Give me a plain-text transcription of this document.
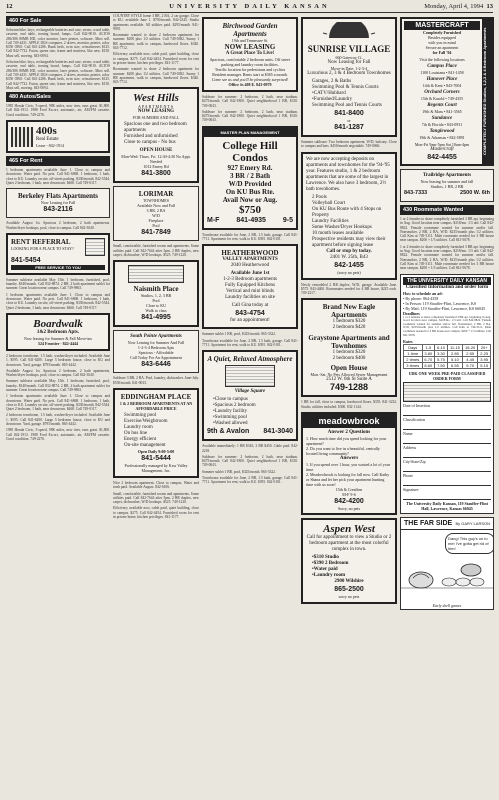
12	UNIVERSITY DAILY KANSAN	Monday, April 4, 1994 13
460 For Sale

Schwinn bike, boys, rechargeable batteries and case, stereo, wood table, cassette, end table, ironing board, lamps. Call 842-9010. ALTOS 286/386 80MB HD, color monitor, laser printer, software. Must sell. Call 749-4431. APPLE IIGS computer, 2 drives, monitor, printer, color. $350 OBO. Call 841-2286. Bunk beds, twin size, w/mattresses $125. Call 842-7732. Futon, queen size, frame and mattress, like new. $150. Must sell, moving. 843-0094.

Schwinn bike, boys, rechargeable batteries and case, stereo, wood table, cassette, end table, ironing board, lamps. Call 842-9010. ALTOS 286/386 80MB HD, color monitor, laser printer, software. Must sell. Call 749-4431. APPLE IIGS computer, 2 drives, monitor, printer, color. $350 OBO. Call 841-2286. Bunk beds, twin size, w/mattresses $125. Call 842-7732. Futon, queen size, frame and mattress, like new. $150. Must sell, moving. 843-0094.

480 Autos/Sales

1985 Honda Civic, 5-speed, 98K miles, new tires, runs great. $1,800. Call 842-1913. 1988 Ford Escort, automatic, air, AM/FM cassette. Good condition. 749-2276.

400s
Real Estate
Lease - 842-1914
465 For Rent

1 bedroom apartments available June 1. Close to campus and downtown. Water paid. No pets. Call 841-6868. 1 bedroom, 1 bath, close to KU. Laundry on site, off-street parking. $330/month. 842-5544. Quiet 2 bedroom, 1 bath, near downtown. $460. Call 749-0117.

Berkeley Flats Apartments
Now Leasing for Fall
843-2116

Available August 1st. Spacious 2 bedroom, 2 bath apartments. Washer/dryer hookups, pool, close to campus. Call 842-3040.

RENT REFERRAL
LOOKING FOR A PLACE TO STAY?
841-5454
FREE SERVICE TO YOU

Summer sublease available May 15th. 1 bedroom, furnished, pool, laundry. $340/month. Call 832-8874. 2 BR, 2 bath apartment sublet for summer. Great location near campus. Call 749-9863.

1 bedroom apartments available June 1. Close to campus and downtown. Water paid. No pets. Call 841-6868. 1 bedroom, 1 bath, close to KU. Laundry on site, off-street parking. $330/month. 842-5544. Quiet 2 bedroom, 1 bath, near downtown. $460. Call 749-0117.

Boardwalk
1&2 Bedroom Apts.
Now leasing for Summer & Fall Move-ins
524 Frontier · 842-4444

2 bedroom townhome, 1.5 bath, washer/dryer included. Available June 1. $595. Call 841-6200. Large 3 bedroom house, close to KU and downtown. Yard, garage. $795/month. 865-4442.

Available August 1st. Spacious 2 bedroom, 2 bath apartments. Washer/dryer hookups, pool, close to campus. Call 842-3040.

Summer sublease available May 15th. 1 bedroom, furnished, pool, laundry. $340/month. Call 832-8874. 2 BR, 2 bath apartment sublet for summer. Great location near campus. Call 749-9863.

1 bedroom apartments available June 1. Close to campus and downtown. Water paid. No pets. Call 841-6868. 1 bedroom, 1 bath, close to KU. Laundry on site, off-street parking. $330/month. 842-5544. Quiet 2 bedroom, 1 bath, near downtown. $460. Call 749-0117.

2 bedroom townhome, 1.5 bath, washer/dryer included. Available June 1. $595. Call 841-6200. Large 3 bedroom house, close to KU and downtown. Yard, garage. $795/month. 865-4442.

1985 Honda Civic, 5-speed, 98K miles, new tires, runs great. $1,800. Call 842-1913. 1988 Ford Escort, automatic, air, AM/FM cassette. Good condition. 749-2276.

COUNTRY STYLE home 3 BR, 2 BA, 2 car garage. Close to KU, available June 1. $750/month. 842-2345. Studio apartments available. All utilities paid. $295/month. 841-9955.

Roommate wanted to share 2 bedroom apartment for summer. $200 plus 1/2 utilities. Call 749-0382. Sunny 1 BR apartment, walk to campus, hardwood floors. $340. 843-7712.

Efficiency available now, cable paid, quiet building, close to campus. $275. Call 842-4454. Furnished room for rent in private home, kitchen privileges. 841-1177.

Roommate wanted to share 2 bedroom apartment for summer. $200 plus 1/2 utilities. Call 749-0382. Sunny 1 BR apartment, walk to campus, hardwood floors. $340. 843-7712.

West Hills
APARTMENTS
NOW LEASING
FOR SUMMER AND FALL
Spacious one and two bedroom apartments
Furnished and unfurnished
Close to campus - No bus
OPEN HOUSE
Mon-Wed: Thurs. Fri. 12:30-4:30 No Appt. Needed
1012 Emery Rd
841-3800
LORIMAR
TOWNHOMES
Available Now and Fall
3 BR, 2 BA
W/D
Fireplace
Pool
841-7849

Small, comfortable, furnished rooms and apartments. Some utilities paid. Call 842-7644 after 5pm. 2 BR duplex, new carpet, dishwasher, W/D hookups. $525. 749-1220.

Naismith Place
Studios, 1, 2, 3 BR
Pool
Close to KU
Walk to class
841-4995
South Pointe Apartments
Now Leasing for Summer And Fall
1-2-3-4 Bedroom Apts
Spacious - Affordable
Call Today For An Appointment
843-6446

Sublease 3 BR, 2 BA. Pool, laundry, dishwasher. June-July. $550/month. 841-0033.

EDDINGHAM PLACE
1 & 2 BEDROOM APARTMENTS AT AN AFFORDABLE PRICE
Swimming pool
Exercise/Weightroom
Laundry room
On bus line
Energy efficient
On-site management
Open Daily 9:00-5:00
841-5444
Professionally managed by Kaw Valley Management, Inc.

Nice 2 bedroom apartment. Close to campus. Water and trash paid. Available August. 842-6106.

Small, comfortable, furnished rooms and apartments. Some utilities paid. Call 842-7644 after 5pm. 2 BR duplex, new carpet, dishwasher, W/D hookups. $525. 749-1220.

Efficiency available now, cable paid, quiet building, close to campus. $275. Call 842-4454. Furnished room for rent in private home, kitchen privileges. 841-1177.

Birchwood Garden Apartments
19th and Tennessee St.
NOW LEASING
A Great Place To Live!
Spacious, comfortable 2 bedroom units. Off street parking and laundry room facilities.
Terrific location for pedestrians and cyclists
Resident manager. Rents start at $365 a month.
Come see us and you'll be pleasantly surprised!
Office #s 408 E. 843-0979

Sublease for summer: 2 bedroom, 2 bath, near stadium. $475/month. Call 842-1800. Quiet neighborhood 1 BR, $310. 749-0043.

Sublease for summer: 2 bedroom, 2 bath, near stadium. $475/month. Call 842-1800. Quiet neighborhood 1 BR, $310. 749-0043.

MASTER PLAN MANAGEMENT
College Hill Condos
927 Emery Rd.
3 BR / 2 Bath
W/D Provided
On KU Bus Rte.
Avail Now or Aug.
$750
M-F 841-4935 9-5

Townhouse available for June, 2 BR, 1.5 bath, garage. Call 841-7711. Apartment for rent, walk to KU. $395. 842-0101.

HEATHERWOOD
VALLEY APARTMENTS
2040 Heatherwood
Available June 1st
1-2-3 Bedroom apartments
Fully Equipped Kitchens
Vertical and mini blinds
Laundry facilities on site
Call Gina today at
843-4754
for an appointment!

Summer sublet 1 BR, pool, $325/month. 865-3322.

Townhouse available for June, 2 BR, 1.5 bath, garage. Call 841-7711. Apartment for rent, walk to KU. $395. 842-0101.

A Quiet, Relaxed Atmosphere
Village Square
•Close to campus
•Spacious 2 bedroom
•Laundry facility
•Swimming pool
•Washed allowed
9th & Avalon 841-3040

Available immediately: 1 BR $345; 2 BR $450. Cable paid. 842-2218.

Sublease for summer: 2 bedroom, 2 bath, near stadium. $475/month. Call 842-1800. Quiet neighborhood 1 BR, $310. 749-0043.

Summer sublet 1 BR, pool, $325/month. 865-3322.

Townhouse available for June, 2 BR, 1.5 bath, garage. Call 841-7711. Apartment for rent, walk to KU. $395. 842-0101.

SUNRISE VILLAGE
660 Gateway Ct.
Now Leasing for Fall
Move-in Date: 1-2-3-4
Luxurious 2, 3 & 4 Bedroom Townhomes
Garages, 2 & Baths
Swimming Pool & Tennis Courts
•CATV/Hubbard
•Furnished/Laundry
Swimming Pool and Tennis Courts
841-8400
or
841-1287

Summer sublease: Two bedroom apartment, W/D, balcony. Close to campus and bars. $450/month negotiable. 749-0066.

We are now accepting deposits on apartments and townhomes for the '94-'95 year. Features studio, 1 & 2 bedroom apartments that are some of the largest in Lawrence. We also have 3 bedroom, 2½ bath townhomes.
2 Pools
Volleyball Court
On KU Bus Route with 4 Stops on Property
Laundry Facilities
Some Washer/Dryer Hookups
10 month leases available
Prospective residents may view their apartment before signing lease
Call or stop by today.
2401 W. 25th, B43
842-1455
(sorry no pets)

Newly remodeled 2 BR duplex, W/D, garage. Available June. $575. 843-4400. Roommates needed for 4 BR house, $225 each. 749-2217.

Brand New Eagle Apartments
1 bedroom $320
2 bedroom $420
Graystone Apartments and Townhomes
1 bedroom $320
2 bedroom $400
Open House
Mon.-Sat. No Pets Allowed Sewer Management
2512 W. 6th St Suite A
749-1288

1 BR for fall, close to campus, hardwood floors. $355. 841-3232. Studio, utilities included. $300. 832-1144.

meadowbrook
Answer 2 Questions
1. How much time did you spend looking for your apartment?
2. Do you want to live in a beautiful, centrally located living community?
Answers
1. If you spend over 1 hour, you wasted a lot of your time.
2. Meadowbrook is looking for fall now. Call Kathy or Shana and let her pick your apartment hunting time with us soon!
15th & Crestline
M-F 9-6
842-4200
Sorry, no pets
Aspen West
Call for appointment to view a Studio or 2 bedroom apartment at the most colorful complex in town.
•$310 Studio
•$390 2 Bedroom
•Water paid
•Laundry room
2900 Wilshire
865-2500
sorry no pets
MASTERCRAFT
Completely Furnished
Besides equipped
with you in mind
Secure an apartment
for Fall '94
Visit the following locations
Campus Place
1100 Louisiana • 841-1458
Hanover Place
14th & Kent • 843-7004
Orchard Corners
15th & Kasold • 749-4355
Regents Court
19th & Mass • 841-3565
Sundance
7th & Florida • 843-0931
Tanglewood
19th & Arkansas • 842-5891
Mon-Fri 9am-5pm Sat 10am-4pm
Mastercraft
842-4455
COMPLETELY FURNISHED Studios, 1,2,3 & 4 Bedroom Apartments
Trailridge Apartments
Now leasing for summer and fall
Studios, 1 BR, 2 BR
843-7333	2500 W. 6th
430 Roommate Wanted

1 or 2 females to share completely furnished 3 BR apt. beginning in Aug. Good location near campus. $218/mo. 1/3 util. Call 842-8822. Female roommate wanted for summer and/or fall. Nonsmoker, 2 BR, 2 BA, W/D. $235/month plus 1/2 utilities. Call Kim at 749-3111. Male roommate needed for 3 BR house near campus. $200 + 1/3 utilities. Call 841-5678.

1 or 2 females to share completely furnished 3 BR apt. beginning in Aug. Good location near campus. $218/mo. 1/3 util. Call 842-8822. Female roommate wanted for summer and/or fall. Nonsmoker, 2 BR, 2 BA, W/D. $235/month plus 1/2 utilities. Call Kim at 749-3111. Male roommate needed for 3 BR house near campus. $200 + 1/3 utilities. Call 841-5678.

THE UNIVERSITY DAILY KANSAN
Classified Information and order form
How to schedule an ad:
• By phone: 864-4358
• In Person: 119 Stauffer-Flint, Lawrence, KS
• By Mail: 119 Stauffer-Flint, Lawrence, KS 66045
Deadlines

1 or 2 females to share completely furnished 3 BR apt. beginning in Aug. Good location near campus. $218/mo. 1/3 util. Call 842-8822. Female roommate wanted for summer and/or fall. Nonsmoker, 2 BR, 2 BA, W/D. $235/month plus 1/2 utilities. Call Kim at 749-3111. Male roommate needed for 3 BR house near campus. $200 + 1/3 utilities. Call 841-5678.

Rates
Days	1-5	6-10	11-15	16-20	20+
1 time	3.80	3.30	2.85	2.55	2.25
2 times	6.70	5.75	5.10	4.45	3.95
3 times	8.60	7.50	6.55	5.70	5.15
UDK ONE WEEK PRE-PAID CLASSIFIED ORDER FORM
Date of Insertion
Classification
Name
Address
City/State/Zip
Phone
Signature:
The University Daily Kansan, 119 Stauffer-Flint Hall, Lawrence, Kansas 66045
THE FAR SIDE By GARY LARSON
Dang! This guy's on to me! I've gotta get rid of him!
Early shell games
